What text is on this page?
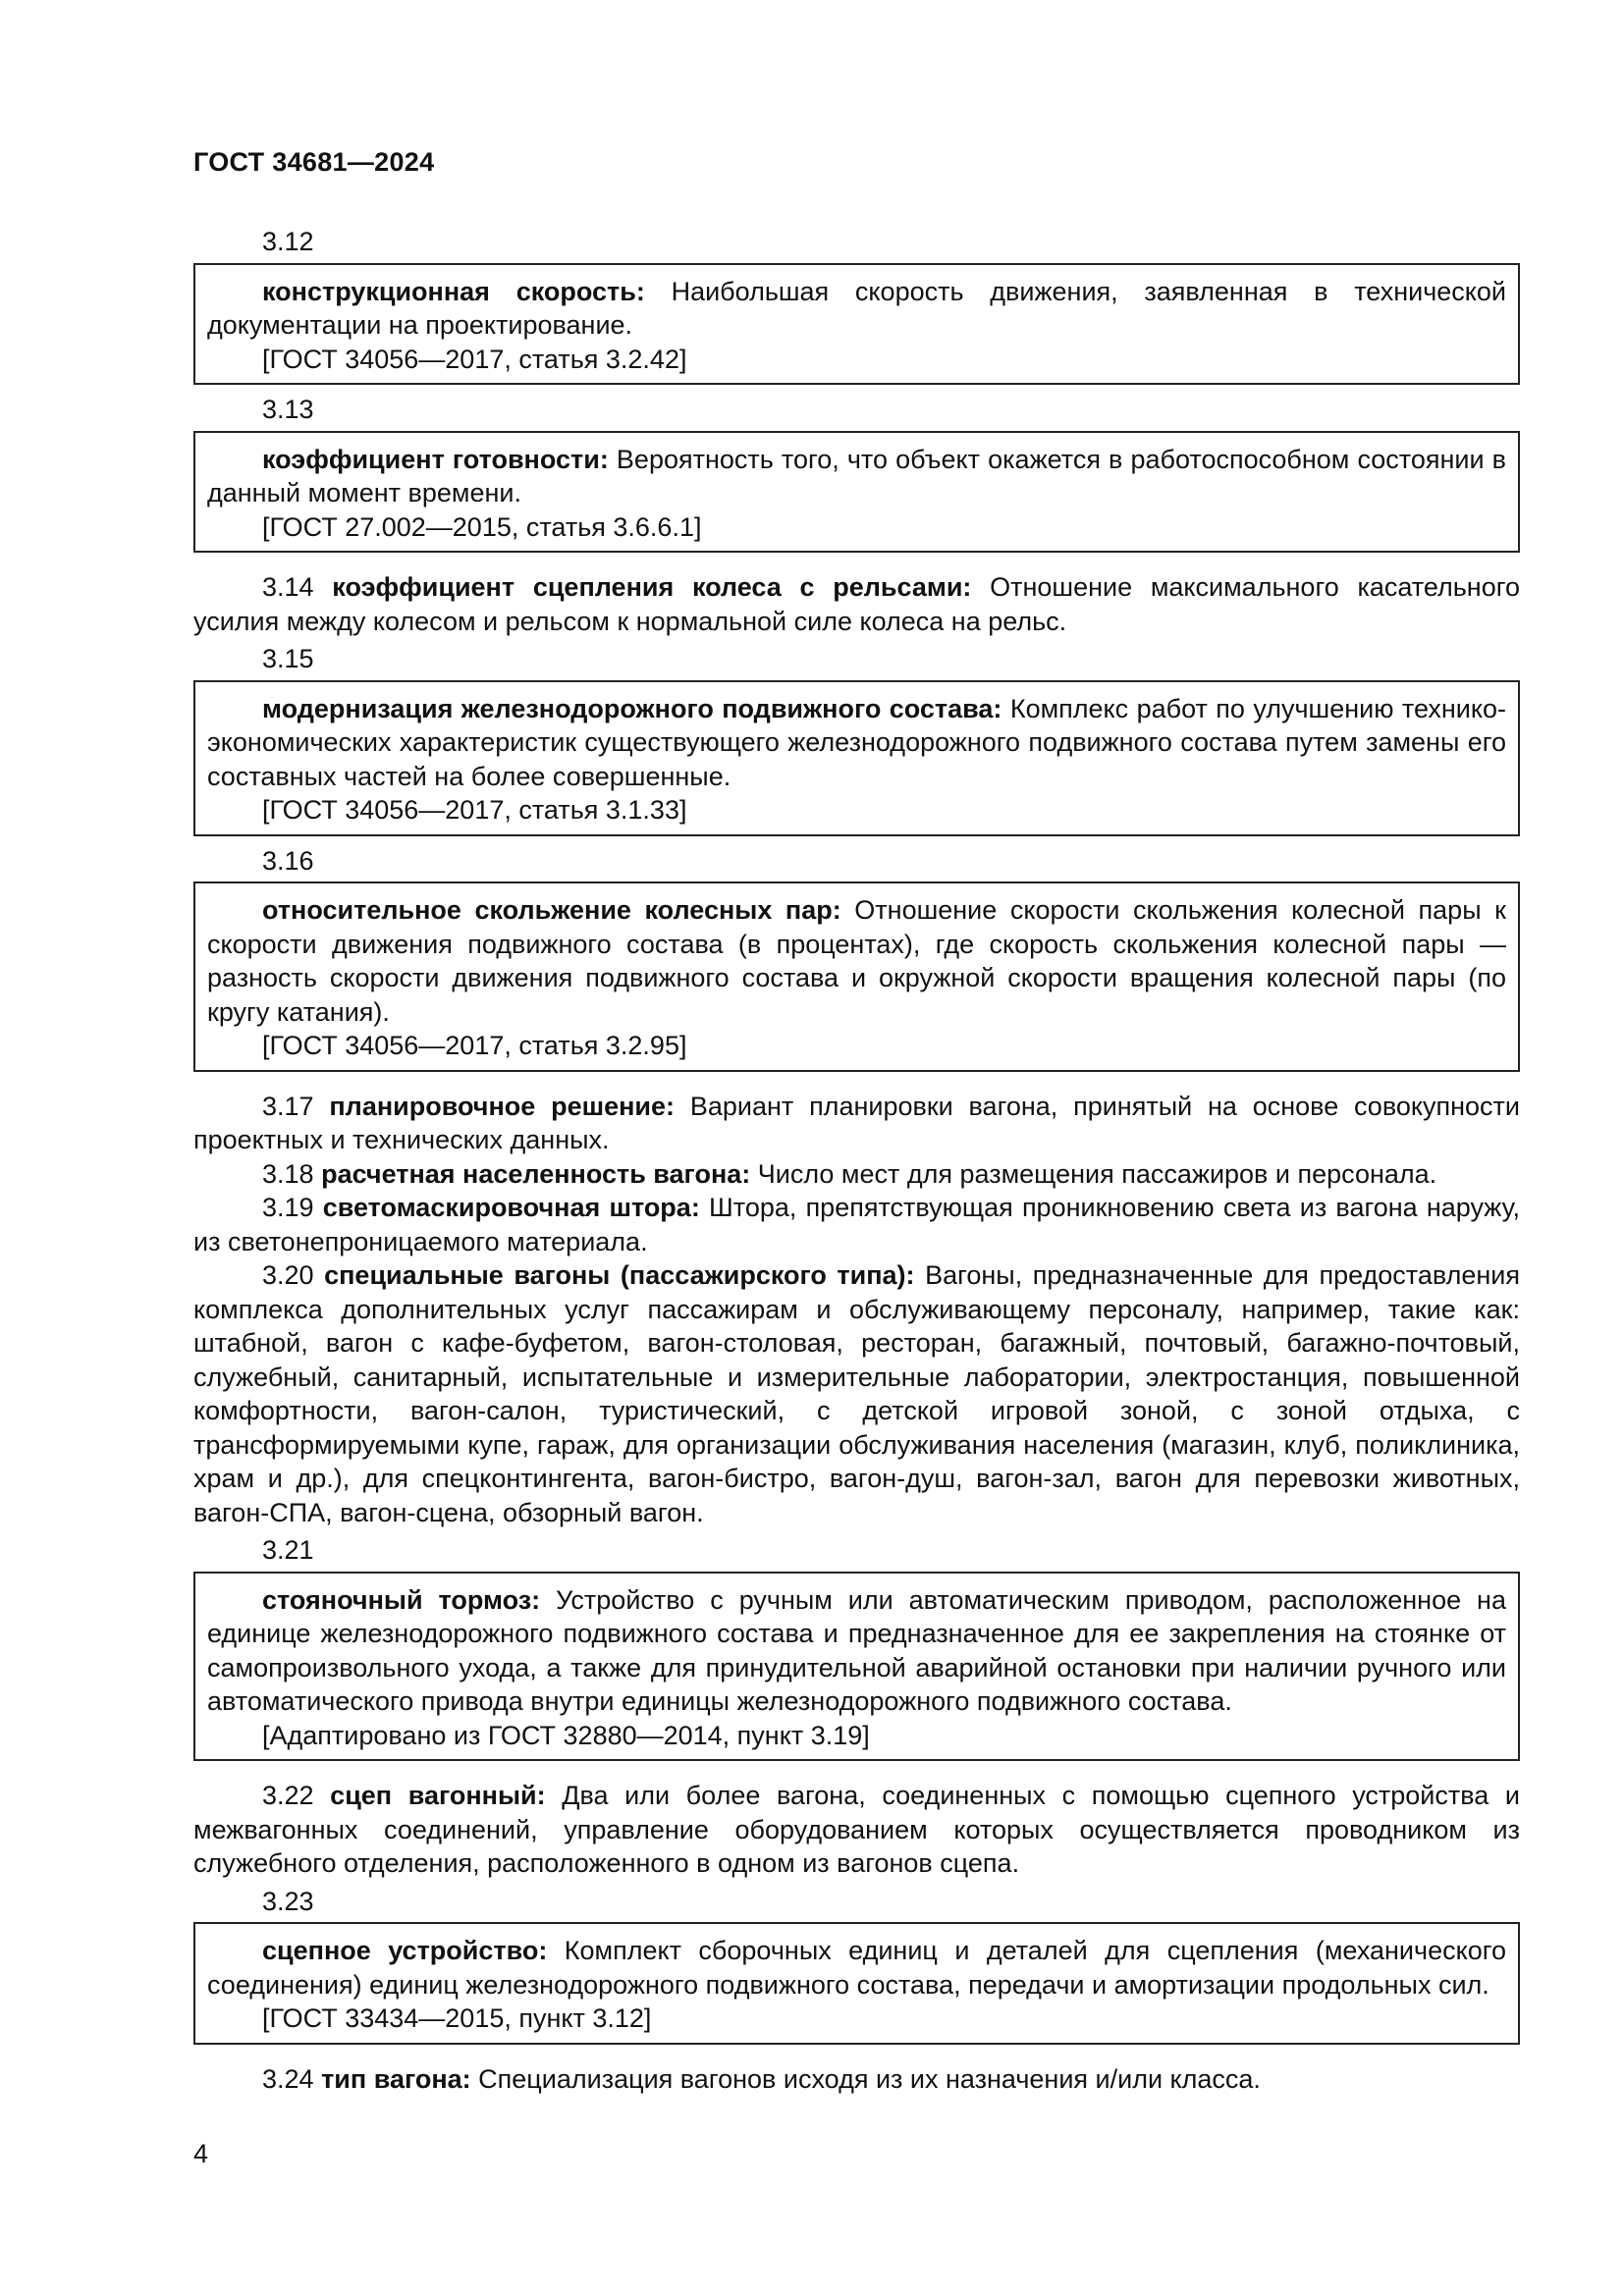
ГОСТ 34681—2024
3.12

конструкционная скорость: Наибольшая скорость движения, заявленная в технической документации на проектирование.

[ГОСТ 34056—2017, статья 3.2.42]

3.13

коэффициент готовности: Вероятность того, что объект окажется в работоспособном состоянии в данный момент времени.

[ГОСТ 27.002—2015, статья 3.6.6.1]

3.14 коэффициент сцепления колеса с рельсами: Отношение максимального касательного усилия между колесом и рельсом к нормальной силе колеса на рельс.

3.15

модернизация железнодорожного подвижного состава: Комплекс работ по улучшению технико-экономических характеристик существующего железнодорожного подвижного состава путем замены его составных частей на более совершенные.

[ГОСТ 34056—2017, статья 3.1.33]

3.16

относительное скольжение колесных пар: Отношение скорости скольжения колесной пары к скорости движения подвижного состава (в процентах), где скорость скольжения колесной пары — разность скорости движения подвижного состава и окружной скорости вращения колесной пары (по кругу катания).

[ГОСТ 34056—2017, статья 3.2.95]

3.17 планировочное решение: Вариант планировки вагона, принятый на основе совокупности проектных и технических данных.

3.18 расчетная населенность вагона: Число мест для размещения пассажиров и персонала.

3.19 светомаскировочная штора: Штора, препятствующая проникновению света из вагона наружу, из светонепроницаемого материала.

3.20 специальные вагоны (пассажирского типа): Вагоны, предназначенные для предоставления комплекса дополнительных услуг пассажирам и обслуживающему персоналу, например, такие как: штабной, вагон с кафе-буфетом, вагон-столовая, ресторан, багажный, почтовый, багажно-почтовый, служебный, санитарный, испытательные и измерительные лаборатории, электростанция, повышенной комфортности, вагон-салон, туристический, с детской игровой зоной, с зоной отдыха, с трансформируемыми купе, гараж, для организации обслуживания населения (магазин, клуб, поликлиника, храм и др.), для спецконтингента, вагон-бистро, вагон-душ, вагон-зал, вагон для перевозки животных, вагон-СПА, вагон-сцена, обзорный вагон.

3.21

стояночный тормоз: Устройство с ручным или автоматическим приводом, расположенное на единице железнодорожного подвижного состава и предназначенное для ее закрепления на стоянке от самопроизвольного ухода, а также для принудительной аварийной остановки при наличии ручного или автоматического привода внутри единицы железнодорожного подвижного состава.

[Адаптировано из ГОСТ 32880—2014, пункт 3.19]

3.22 сцеп вагонный: Два или более вагона, соединенных с помощью сцепного устройства и межвагонных соединений, управление оборудованием которых осуществляется проводником из служебного отделения, расположенного в одном из вагонов сцепа.

3.23

сцепное устройство: Комплект сборочных единиц и деталей для сцепления (механического соединения) единиц железнодорожного подвижного состава, передачи и амортизации продольных сил.

[ГОСТ 33434—2015, пункт 3.12]

3.24 тип вагона: Специализация вагонов исходя из их назначения и/или класса.

4
